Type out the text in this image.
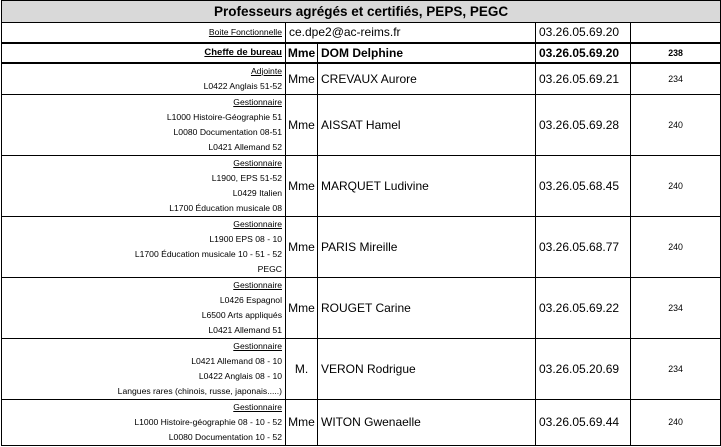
Professeurs agrégés et certifiés, PEPS, PEGC				

Boite Fonctionnelle	ce.dpe2@ac-reims.fr		03.26.05.69.20	

Cheffe de bureau	Mme	DOM Delphine	03.26.05.69.20	238

Adjointe
L0422 Anglais 51-52	Mme	CREVAUX Aurore	03.26.05.69.21	234

Gestionnaire
L1000 Histoire-Géographie 51
L0080 Documentation 08-51
L0421 Allemand 52	Mme	AISSAT Hamel	03.26.05.69.28	240

Gestionnaire
L1900, EPS 51-52
L0429 Italien
L1700 Éducation musicale 08	Mme	MARQUET Ludivine	03.26.05.68.45	240

Gestionnaire
L1900 EPS 08 - 10
L1700 Éducation musicale 10 - 51 - 52
PEGC	Mme	PARIS Mireille	03.26.05.68.77	240

Gestionnaire
L0426 Espagnol
L6500 Arts appliqués
L0421 Allemand 51	Mme	ROUGET Carine	03.26.05.69.22	234

Gestionnaire
L0421 Allemand 08 - 10
L0422 Anglais 08 - 10
Langues rares (chinois, russe, japonais.....)	M.	VERON Rodrigue	03.26.05.20.69	234

Gestionnaire
L1000 Histoire-géographie 08 - 10 - 52
L0080 Documentation 10 - 52	Mme	WITON Gwenaelle	03.26.05.69.44	240
